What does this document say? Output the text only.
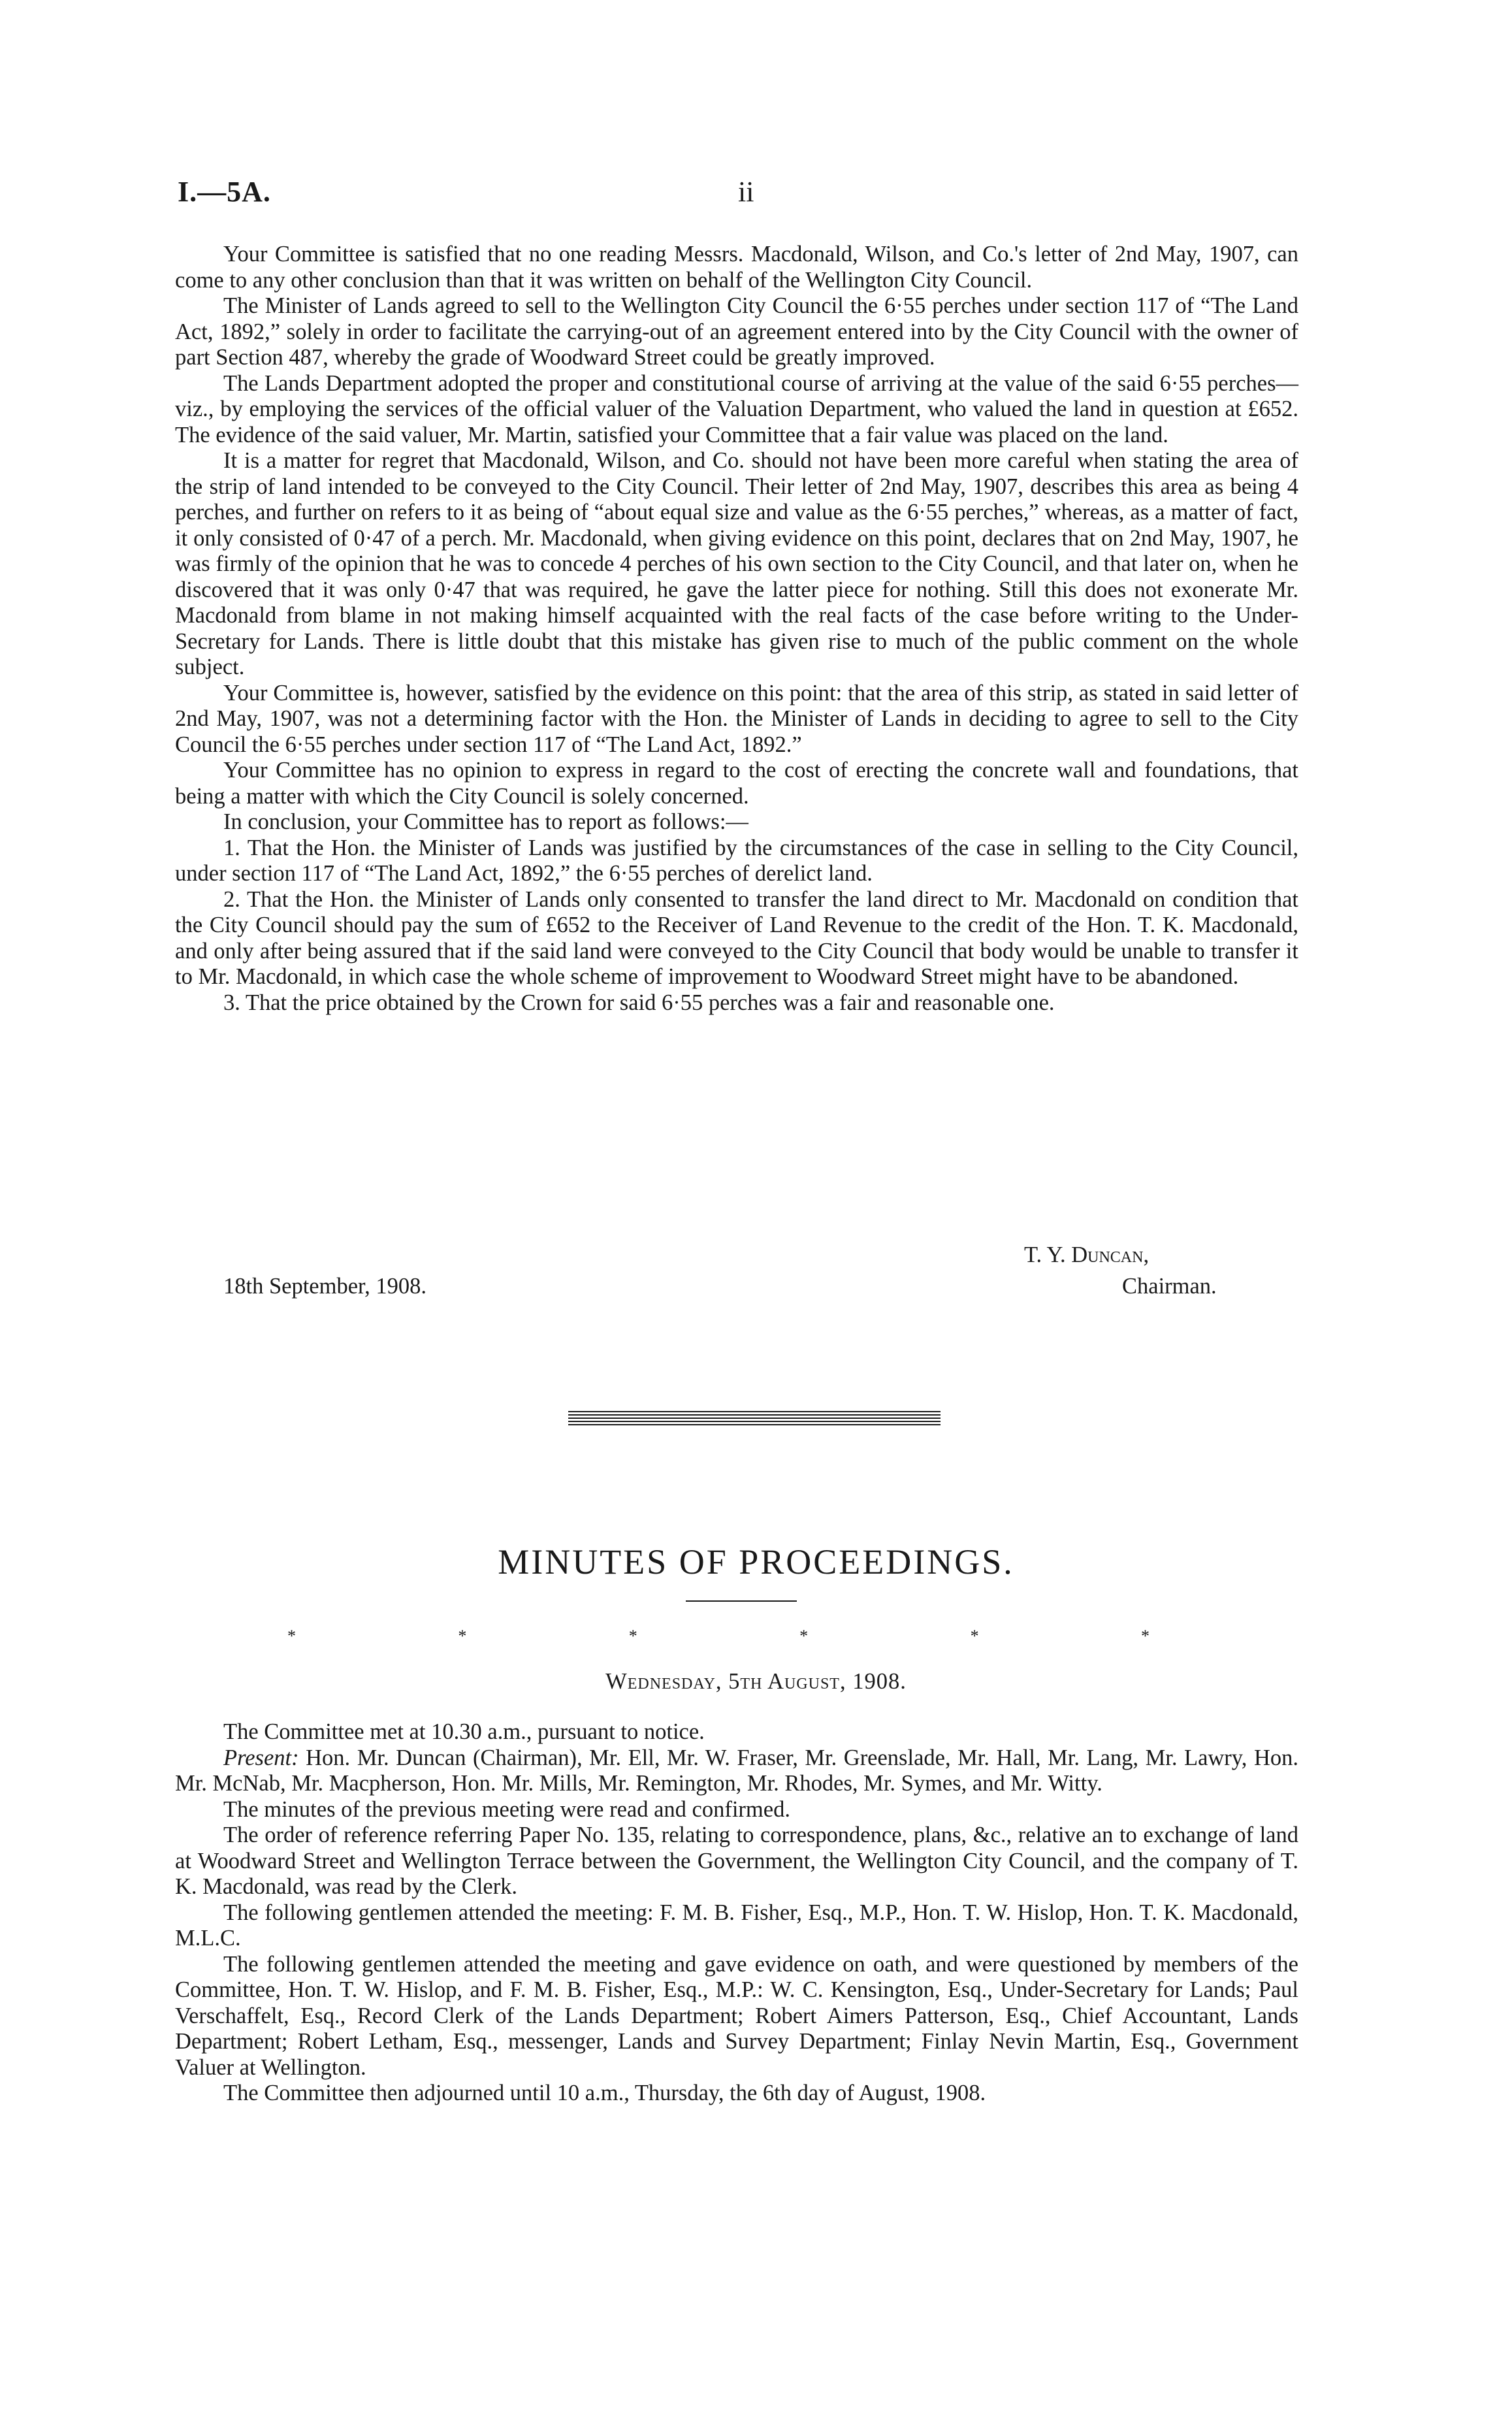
I.—5A.	ii

Your Committee is satisfied that no one reading Messrs. Macdonald, Wilson, and Co.'s letter of 2nd May, 1907, can come to any other conclusion than that it was written on behalf of the Wellington City Council.

The Minister of Lands agreed to sell to the Wellington City Council the 6·55 perches under section 117 of “The Land Act, 1892,” solely in order to facilitate the carrying-out of an agreement entered into by the City Council with the owner of part Section 487, whereby the grade of Woodward Street could be greatly improved.

The Lands Department adopted the proper and constitutional course of arriving at the value of the said 6·55 perches—viz., by employing the services of the official valuer of the Valuation Department, who valued the land in question at £652. The evidence of the said valuer, Mr. Martin, satisfied your Committee that a fair value was placed on the land.

It is a matter for regret that Macdonald, Wilson, and Co. should not have been more careful when stating the area of the strip of land intended to be conveyed to the City Council. Their letter of 2nd May, 1907, describes this area as being 4 perches, and further on refers to it as being of “about equal size and value as the 6·55 perches,” whereas, as a matter of fact, it only consisted of 0·47 of a perch. Mr. Macdonald, when giving evidence on this point, declares that on 2nd May, 1907, he was firmly of the opinion that he was to concede 4 perches of his own section to the City Council, and that later on, when he discovered that it was only 0·47 that was required, he gave the latter piece for nothing. Still this does not exonerate Mr. Macdonald from blame in not making himself acquainted with the real facts of the case before writing to the Under-Secretary for Lands. There is little doubt that this mistake has given rise to much of the public comment on the whole subject.

Your Committee is, however, satisfied by the evidence on this point: that the area of this strip, as stated in said letter of 2nd May, 1907, was not a determining factor with the Hon. the Minister of Lands in deciding to agree to sell to the City Council the 6·55 perches under section 117 of “The Land Act, 1892.”

Your Committee has no opinion to express in regard to the cost of erecting the concrete wall and foundations, that being a matter with which the City Council is solely concerned.

In conclusion, your Committee has to report as follows:—

1. That the Hon. the Minister of Lands was justified by the circumstances of the case in selling to the City Council, under section 117 of “The Land Act, 1892,” the 6·55 perches of derelict land.

2. That the Hon. the Minister of Lands only consented to transfer the land direct to Mr. Macdonald on condition that the City Council should pay the sum of £652 to the Receiver of Land Revenue to the credit of the Hon. T. K. Macdonald, and only after being assured that if the said land were conveyed to the City Council that body would be unable to transfer it to Mr. Macdonald, in which case the whole scheme of improvement to Woodward Street might have to be abandoned.

3. That the price obtained by the Crown for said 6·55 perches was a fair and reasonable one.

T. Y. Duncan,
Chairman.
18th September, 1908.
MINUTES OF PROCEEDINGS.
*	*	*	*	*	*
Wednesday, 5th August, 1908.

The Committee met at 10.30 a.m., pursuant to notice.

Present: Hon. Mr. Duncan (Chairman), Mr. Ell, Mr. W. Fraser, Mr. Greenslade, Mr. Hall, Mr. Lang, Mr. Lawry, Hon. Mr. McNab, Mr. Macpherson, Hon. Mr. Mills, Mr. Remington, Mr. Rhodes, Mr. Symes, and Mr. Witty.

The minutes of the previous meeting were read and confirmed.

The order of reference referring Paper No. 135, relating to correspondence, plans, &c., relative an to exchange of land at Woodward Street and Wellington Terrace between the Government, the Wellington City Council, and the company of T. K. Macdonald, was read by the Clerk.

The following gentlemen attended the meeting: F. M. B. Fisher, Esq., M.P., Hon. T. W. Hislop, Hon. T. K. Macdonald, M.L.C.

The following gentlemen attended the meeting and gave evidence on oath, and were questioned by members of the Committee, Hon. T. W. Hislop, and F. M. B. Fisher, Esq., M.P.: W. C. Kensington, Esq., Under-Secretary for Lands; Paul Verschaffelt, Esq., Record Clerk of the Lands Department; Robert Aimers Patterson, Esq., Chief Accountant, Lands Department; Robert Letham, Esq., messenger, Lands and Survey Department; Finlay Nevin Martin, Esq., Government Valuer at Wellington.

The Committee then adjourned until 10 a.m., Thursday, the 6th day of August, 1908.
